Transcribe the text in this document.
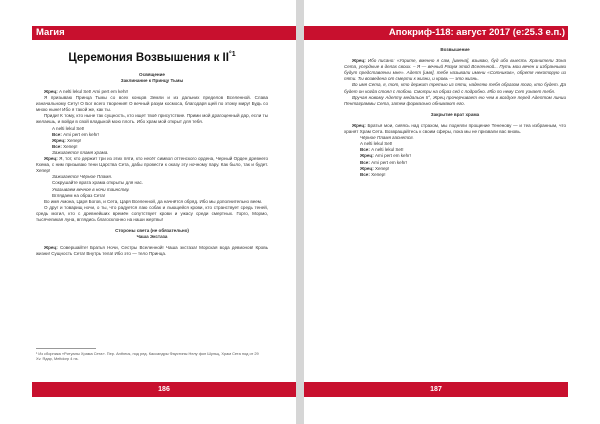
Магия
Церемония Возвышения к $II^{^\circ 1}$
Освящение
Заклинание к Принцу Тьмы

Жрец: A nelti lekul Set! Ami pert em kehr!

Я призываю Принца Тьмы со всех концов Земли и из дальних пределов Вселенной. Слава изначальному Сету! О Бог всего творения! О вечный разум космоса, благодаря щей по этому миру! Будь со мною ныне! Ибо я такой же, как ты.

Приди! К тому, кто ныне так сущность, кто ищет твоё присутствие. Прими мой драгоценный дар, если ты желаешь, и войди в свой владыкой мою плоть. Ибо храм мой открыт для тебя.

A nelti lekul Set!

Все: Ami pert em kehr!

Жрец: Хепер!

Все: Хепер!

Зажигается пламя храма.

Жрец: Я, тот, кто держит три из этих пяти, кто несёт символ оттенского ордена, Черный Орден древнего Кхема, с ним призываю тени Царства Сета, дабы провести к оказу эту ночному пару. Как было, так и будет. Хепер!

Зажигается Чёрное Пламя.

Сокрушайте врата храма открыты для нас.

Указываем вечное в ночи таинству.

Вглядаем на образ Сета!

Во имя Амона, Царя Богов, и Сета, Царя Вселенной, да начнётся обряд. Ибо мы дополнительно веем.

О друг и товарищ ночи, о ты, что радуется лаю собак и льющейся крови, кто странствует средь теней, средь могил, кто с древнейших времён сопутствует крови и ужасу среди смертных. Горго, Мормо, тысячеликая луна, вглядись благосклонно на наши жертвы!

Стороны света (не обязательно)
Чаша Экстаза

Жрец: Совершайте! Братья Ночи, Сестры Вселенной! Чаша экстаза! Морская вода девионов! Кровь жизни! Сущность Сета! Внутрь тела! Ибо это — тело Принца.

¹ Из сборника «Ритуалы Храма Сета». Пер. Antheus, под ред. Кассандры Фаустины Нелу фон Шульц, Храм Сета под от 29 Xv. Ядар, Meltdorp 4 ns.
186
Апокриф-118: август 2017 (е:25.3 е.п.)
Возвышение

Жрец: Ибо писано: «Узрите, вменно я сам, [имена], взываю, буд ибо выесть Хранители Зона Сета, усердные в делах своих. – Я — вечный Разум этой Вселенной... Путь мои вечен и избранными будут представлены мне». Адепт [имя], тебе называли имени «Сотников», обретя некоторую из пяти. Ты возведена от смерти к жизни, и кровь — это жизнь.

Во имя Сета, я, тот, кто держит третью из пяти, наделяю тебя образом того, кто будет. Да будет он когда стоял с тобою. Смотри на образ сей с подробно. Ибо по нему Сет узнает тебя.

Вручая новому Адепту медальон II°, Жрец прочерчивает ею чем в воздухе перед Адептом линии Пентаграммы Сета, затем формально обнимают его.

Закрытие врат храма

Жрец: Братья мои, сияясь над страхом, мы подняли прощение Тененову — и теа избранным, что хранят Храм Сета. Возвращайтесь к своим сферы, пока мы не призвали вас вновь.

Чёрное Пламя гаснется.

A nelti lekul Set!

Все: A nelti lekul Set!

Жрец: Ami pert em kehr!

Все: Ami pert em kehr!

Жрец: Хепер!

Все: Хепер!

187
